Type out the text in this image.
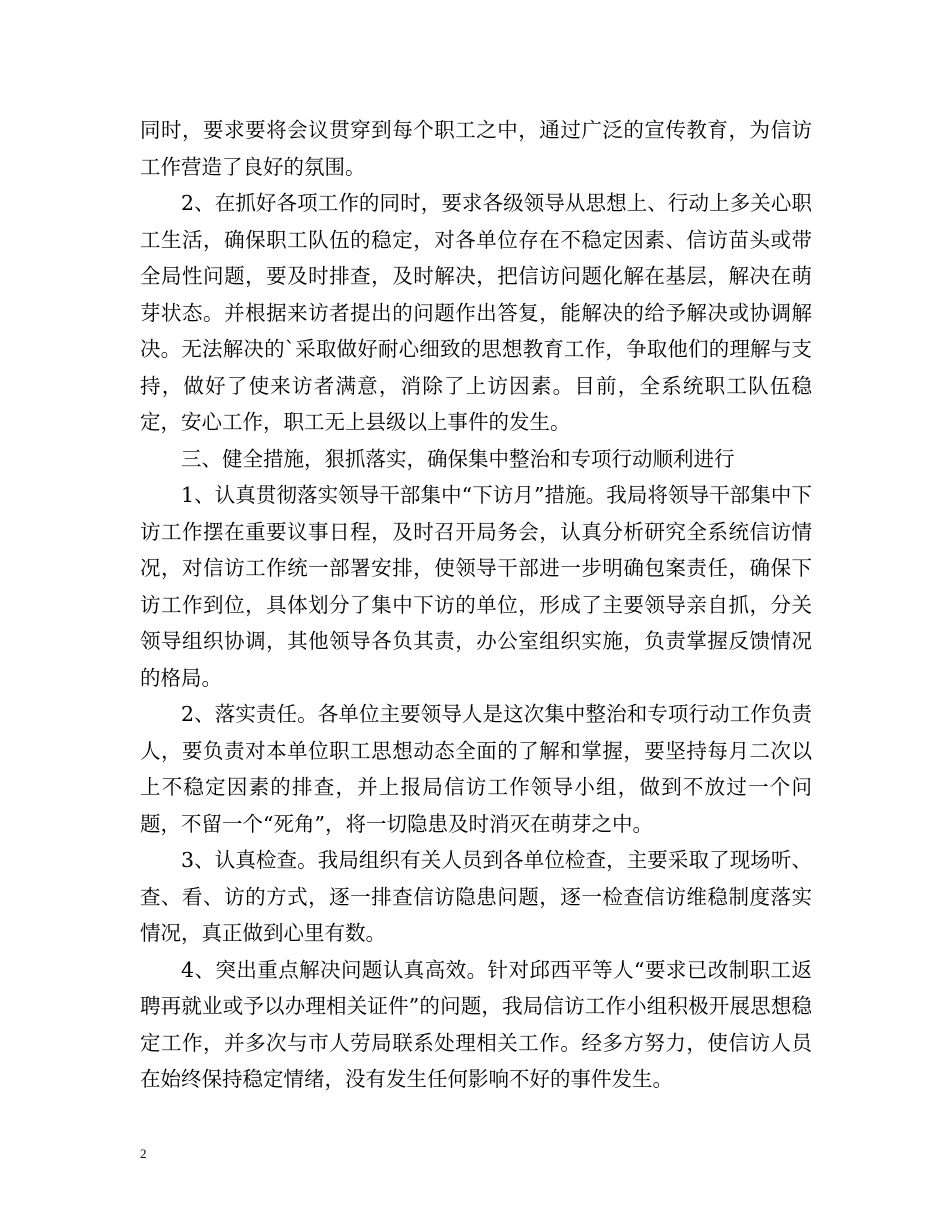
同时，要求要将会议贯穿到每个职工之中，通过广泛的宣传教育，为信访工作营造了良好的氛围。

2、在抓好各项工作的同时，要求各级领导从思想上、行动上多关心职工生活，确保职工队伍的稳定，对各单位存在不稳定因素、信访苗头或带全局性问题，要及时排查，及时解决，把信访问题化解在基层，解决在萌芽状态。并根据来访者提出的问题作出答复，能解决的给予解决或协调解决。无法解决的`采取做好耐心细致的思想教育工作，争取他们的理解与支持，做好了使来访者满意，消除了上访因素。目前，全系统职工队伍稳定，安心工作，职工无上县级以上事件的发生。

三、健全措施，狠抓落实，确保集中整治和专项行动顺利进行

1、认真贯彻落实领导干部集中“下访月”措施。我局将领导干部集中下访工作摆在重要议事日程，及时召开局务会，认真分析研究全系统信访情况，对信访工作统一部署安排，使领导干部进一步明确包案责任，确保下访工作到位，具体划分了集中下访的单位，形成了主要领导亲自抓，分关领导组织协调，其他领导各负其责，办公室组织实施，负责掌握反馈情况的格局。

2、落实责任。各单位主要领导人是这次集中整治和专项行动工作负责人，要负责对本单位职工思想动态全面的了解和掌握，要坚持每月二次以上不稳定因素的排查，并上报局信访工作领导小组，做到不放过一个问题，不留一个“死角”，将一切隐患及时消灭在萌芽之中。

3、认真检查。我局组织有关人员到各单位检查，主要采取了现场听、查、看、访的方式，逐一排查信访隐患问题，逐一检查信访维稳制度落实情况，真正做到心里有数。

4、突出重点解决问题认真高效。针对邱西平等人“要求已改制职工返聘再就业或予以办理相关证件”的问题，我局信访工作小组积极开展思想稳定工作，并多次与市人劳局联系处理相关工作。经多方努力，使信访人员在始终保持稳定情绪，没有发生任何影响不好的事件发生。

2
